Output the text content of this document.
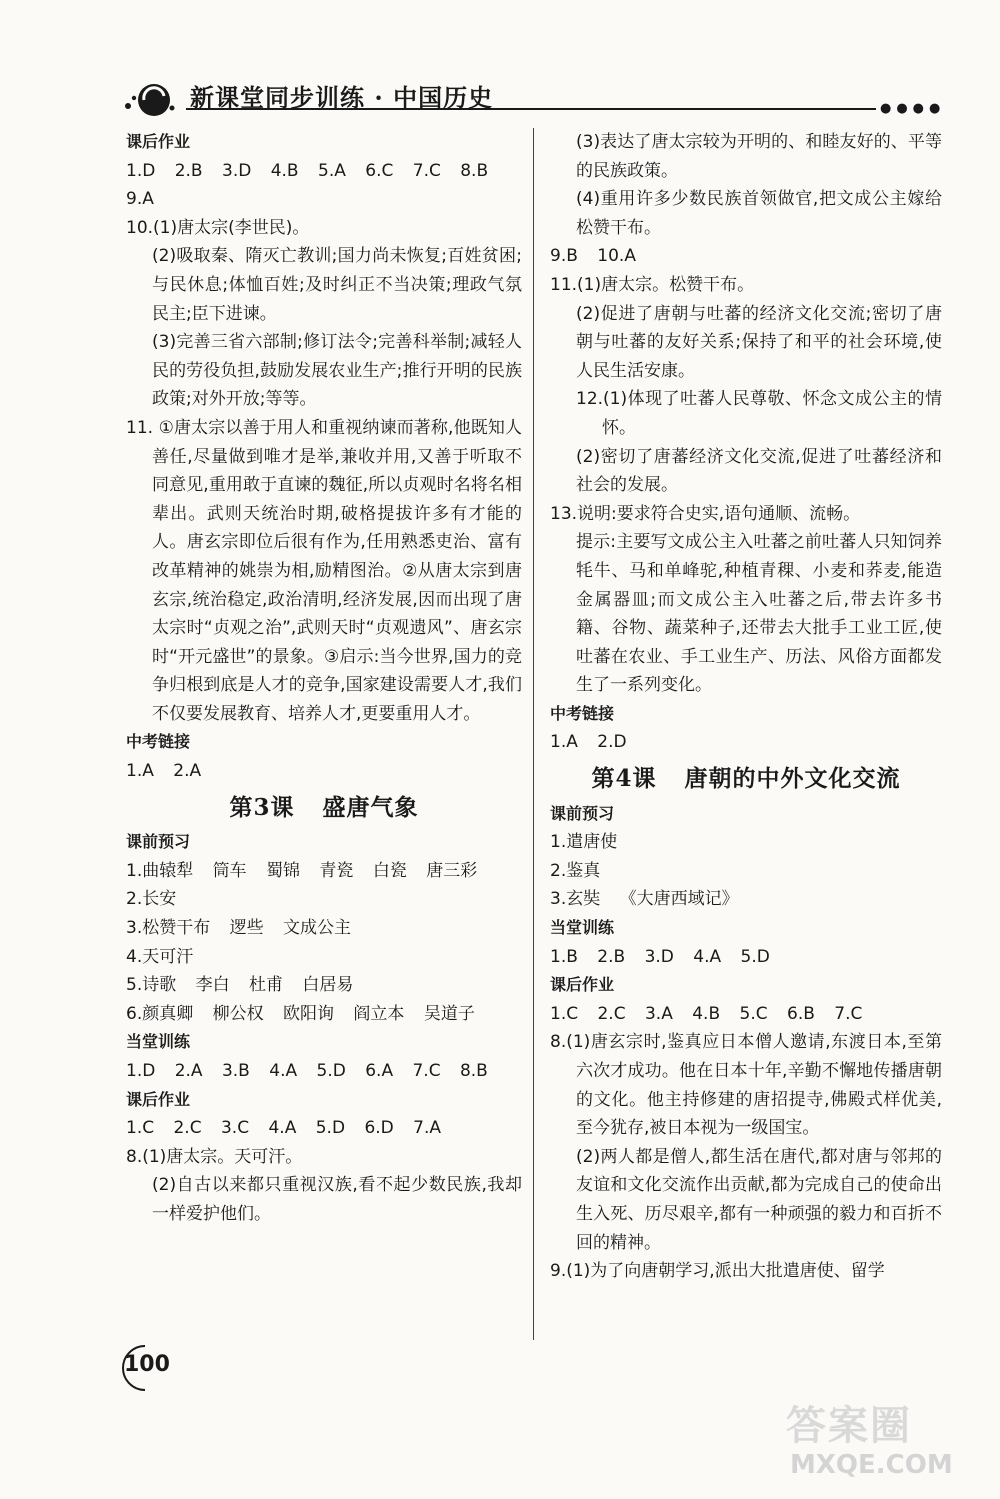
新课堂同步训练 · 中国历史	●●●●

课后作业

1.D 2.B 3.D 4.B 5.A 6.C 7.C 8.B

9.A

10.(1)唐太宗(李世民)。

(2)吸取秦、隋灭亡教训;国力尚未恢复;百姓贫困;与民休息;体恤百姓;及时纠正不当决策;理政气氛民主;臣下进谏。

(3)完善三省六部制;修订法令;完善科举制;减轻人民的劳役负担,鼓励发展农业生产;推行开明的民族政策;对外开放;等等。

11. ①唐太宗以善于用人和重视纳谏而著称,他既知人善任,尽量做到唯才是举,兼收并用,又善于听取不同意见,重用敢于直谏的魏征,所以贞观时名将名相辈出。武则天统治时期,破格提拔许多有才能的人。唐玄宗即位后很有作为,任用熟悉吏治、富有改革精神的姚崇为相,励精图治。②从唐太宗到唐玄宗,统治稳定,政治清明,经济发展,因而出现了唐太宗时“贞观之治”,武则天时“贞观遗风”、唐玄宗时“开元盛世”的景象。③启示:当今世界,国力的竞争归根到底是人才的竞争,国家建设需要人才,我们不仅要发展教育、培养人才,更要重用人才。

中考链接

1.A 2.A

第3课 盛唐气象

课前预习

1.曲辕犁 筒车 蜀锦 青瓷 白瓷 唐三彩

2.长安

3.松赞干布 逻些 文成公主

4.天可汗

5.诗歌 李白 杜甫 白居易

6.颜真卿 柳公权 欧阳询 阎立本 吴道子

当堂训练

1.D 2.A 3.B 4.A 5.D 6.A 7.C 8.B

课后作业

1.C 2.C 3.C 4.A 5.D 6.D 7.A

8.(1)唐太宗。天可汗。

(2)自古以来都只重视汉族,看不起少数民族,我却一样爱护他们。

(3)表达了唐太宗较为开明的、和睦友好的、平等的民族政策。

(4)重用许多少数民族首领做官,把文成公主嫁给松赞干布。

9.B 10.A

11.(1)唐太宗。松赞干布。

(2)促进了唐朝与吐蕃的经济文化交流;密切了唐朝与吐蕃的友好关系;保持了和平的社会环境,使人民生活安康。

12.(1)体现了吐蕃人民尊敬、怀念文成公主的情怀。

(2)密切了唐蕃经济文化交流,促进了吐蕃经济和社会的发展。

13.说明:要求符合史实,语句通顺、流畅。

提示:主要写文成公主入吐蕃之前吐蕃人只知饲养牦牛、马和单峰驼,种植青稞、小麦和荞麦,能造金属器皿;而文成公主入吐蕃之后,带去许多书籍、谷物、蔬菜种子,还带去大批手工业工匠,使吐蕃在农业、手工业生产、历法、风俗方面都发生了一系列变化。

中考链接

1.A 2.D

第4课 唐朝的中外文化交流

课前预习

1.遣唐使

2.鉴真

3.玄奘 《大唐西域记》

当堂训练

1.B 2.B 3.D 4.A 5.D

课后作业

1.C 2.C 3.A 4.B 5.C 6.B 7.C

8.(1)唐玄宗时,鉴真应日本僧人邀请,东渡日本,至第六次才成功。他在日本十年,辛勤不懈地传播唐朝的文化。他主持修建的唐招提寺,佛殿式样优美,至今犹存,被日本视为一级国宝。

(2)两人都是僧人,都生活在唐代,都对唐与邻邦的友谊和文化交流作出贡献,都为完成自己的使命出生入死、历尽艰辛,都有一种顽强的毅力和百折不回的精神。

9.(1)为了向唐朝学习,派出大批遣唐使、留学

100
答案圈
MXQE.COM
